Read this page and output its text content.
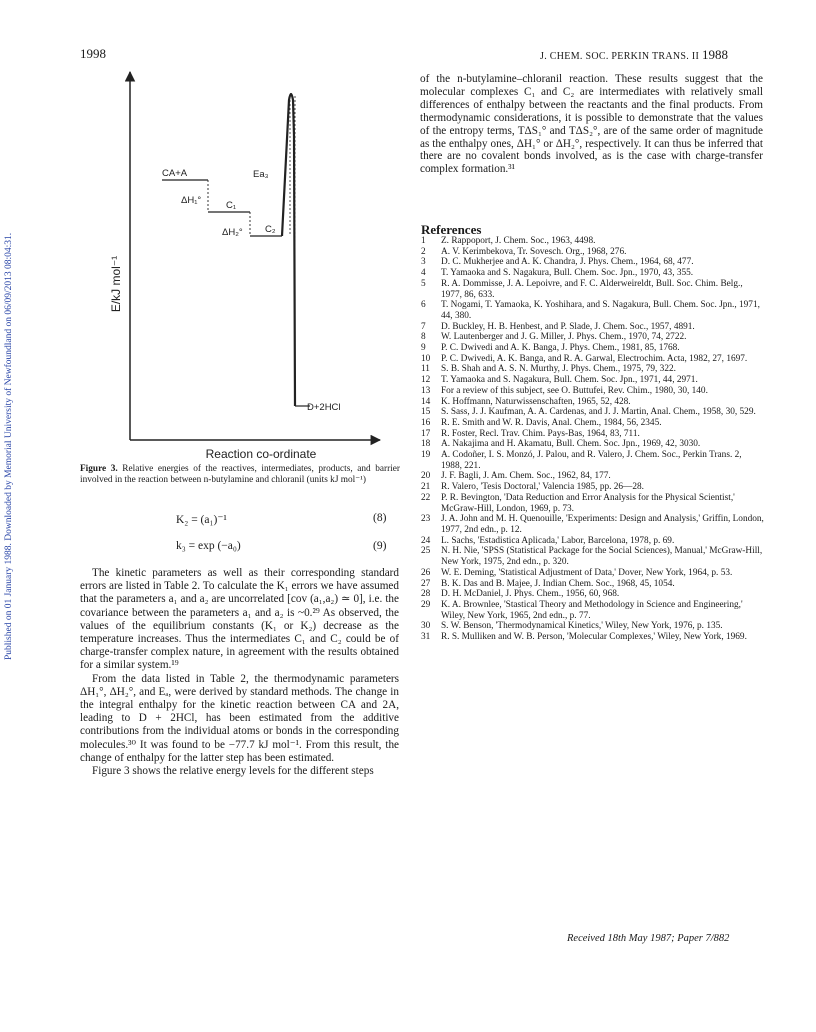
Published on 01 January 1988. Downloaded by Memorial University of Newfoundland on 06/09/2013 08:04:31.
1998	J. CHEM. SOC. PERKIN TRANS. II 1988
E/kJ mol⁻¹
Reaction co-ordinate
CA+A
ΔH₁°	C₁
ΔH₂° C₂
Ea₃
D+2HCl
Figure 3. Relative energies of the reactives, intermediates, products, and barrier involved in the reaction between n-butylamine and chloranil (units kJ mol⁻¹)
K₂ = (a₁)⁻¹	(8)
k₃ = exp (−a₀)	(9)

The kinetic parameters as well as their corresponding standard errors are listed in Table 2. To calculate the K₁ errors we have assumed that the parameters a₁ and a₂ are uncorrelated [cov (a₁,a₂) ≃ 0], i.e. the covariance between the parameters a₁ and a₂ is ~0.²⁹ As observed, the values of the equilibrium constants (K₁ or K₂) decrease as the temperature increases. Thus the intermediates C₁ and C₂ could be of charge-transfer complex nature, in agreement with the results obtained for a similar system.¹⁹

From the data listed in Table 2, the thermodynamic parameters ΔH₁°, ΔH₂°, and Eₐ, were derived by standard methods. The change in the integral enthalpy for the kinetic reaction between CA and 2A, leading to D + 2HCl, has been estimated from the additive contributions from the individual atoms or bonds in the corresponding molecules.³⁰ It was found to be −77.7 kJ mol⁻¹. From this result, the change of enthalpy for the latter step has been estimated.

Figure 3 shows the relative energy levels for the different steps

of the n-butylamine–chloranil reaction. These results suggest that the molecular complexes C₁ and C₂ are intermediates with relatively small differences of enthalpy between the reactants and the final products. From thermodynamic considerations, it is possible to demonstrate that the values of the entropy terms, TΔS₁° and TΔS₂°, are of the same order of magnitude as the enthalpy ones, ΔH₁° or ΔH₂°, respectively. It can thus be inferred that there are no covalent bonds involved, as is the case with charge-transfer complex formation.³¹
References
1 Z. Rappoport, J. Chem. Soc., 1963, 4498.
2 A. V. Kerimbekova, Tr. Sovesch. Org., 1968, 276.
3 D. C. Mukherjee and A. K. Chandra, J. Phys. Chem., 1964, 68, 477.
4 T. Yamaoka and S. Nagakura, Bull. Chem. Soc. Jpn., 1970, 43, 355.
5 R. A. Dommisse, J. A. Lepoivre, and F. C. Alderweireldt, Bull. Soc. Chim. Belg., 1977, 86, 633.
6 T. Nogami, T. Yamaoka, K. Yoshihara, and S. Nagakura, Bull. Chem. Soc. Jpn., 1971, 44, 380.
7 D. Buckley, H. B. Henbest, and P. Slade, J. Chem. Soc., 1957, 4891.
8 W. Lautenberger and J. G. Miller, J. Phys. Chem., 1970, 74, 2722.
9 P. C. Dwivedi and A. K. Banga, J. Phys. Chem., 1981, 85, 1768.
10 P. C. Dwivedi, A. K. Banga, and R. A. Garwal, Electrochim. Acta, 1982, 27, 1697.
11 S. B. Shah and A. S. N. Murthy, J. Phys. Chem., 1975, 79, 322.
12 T. Yamaoka and S. Nagakura, Bull. Chem. Soc. Jpn., 1971, 44, 2971.
13 For a review of this subject, see O. Buttufei, Rev. Chim., 1980, 30, 140.
14 K. Hoffmann, Naturwissenschaften, 1965, 52, 428.
15 S. Sass, J. J. Kaufman, A. A. Cardenas, and J. J. Martin, Anal. Chem., 1958, 30, 529.
16 R. E. Smith and W. R. Davis, Anal. Chem., 1984, 56, 2345.
17 R. Foster, Recl. Trav. Chim. Pays-Bas, 1964, 83, 711.
18 A. Nakajima and H. Akamatu, Bull. Chem. Soc. Jpn., 1969, 42, 3030.
19 A. Codoñer, I. S. Monzó, J. Palou, and R. Valero, J. Chem. Soc., Perkin Trans. 2, 1988, 221.
20 J. F. Bagli, J. Am. Chem. Soc., 1962, 84, 177.
21 R. Valero, 'Tesis Doctoral,' Valencia 1985, pp. 26—28.
22 P. R. Bevington, 'Data Reduction and Error Analysis for the Physical Scientist,' McGraw-Hill, London, 1969, p. 73.
23 J. A. John and M. H. Quenouille, 'Experiments: Design and Analysis,' Griffin, London, 1977, 2nd edn., p. 12.
24 L. Sachs, 'Estadistica Aplicada,' Labor, Barcelona, 1978, p. 69.
25 N. H. Nie, 'SPSS (Statistical Package for the Social Sciences), Manual,' McGraw-Hill, New York, 1975, 2nd edn., p. 320.
26 W. E. Deming, 'Statistical Adjustment of Data,' Dover, New York, 1964, p. 53.
27 B. K. Das and B. Majee, J. Indian Chem. Soc., 1968, 45, 1054.
28 D. H. McDaniel, J. Phys. Chem., 1956, 60, 968.
29 K. A. Brownlee, 'Stastical Theory and Methodology in Science and Engineering,' Wiley, New York, 1965, 2nd edn., p. 77.
30 S. W. Benson, 'Thermodynamical Kinetics,' Wiley, New York, 1976, p. 135.
31 R. S. Mulliken and W. B. Person, 'Molecular Complexes,' Wiley, New York, 1969.
Received 18th May 1987; Paper 7/882
